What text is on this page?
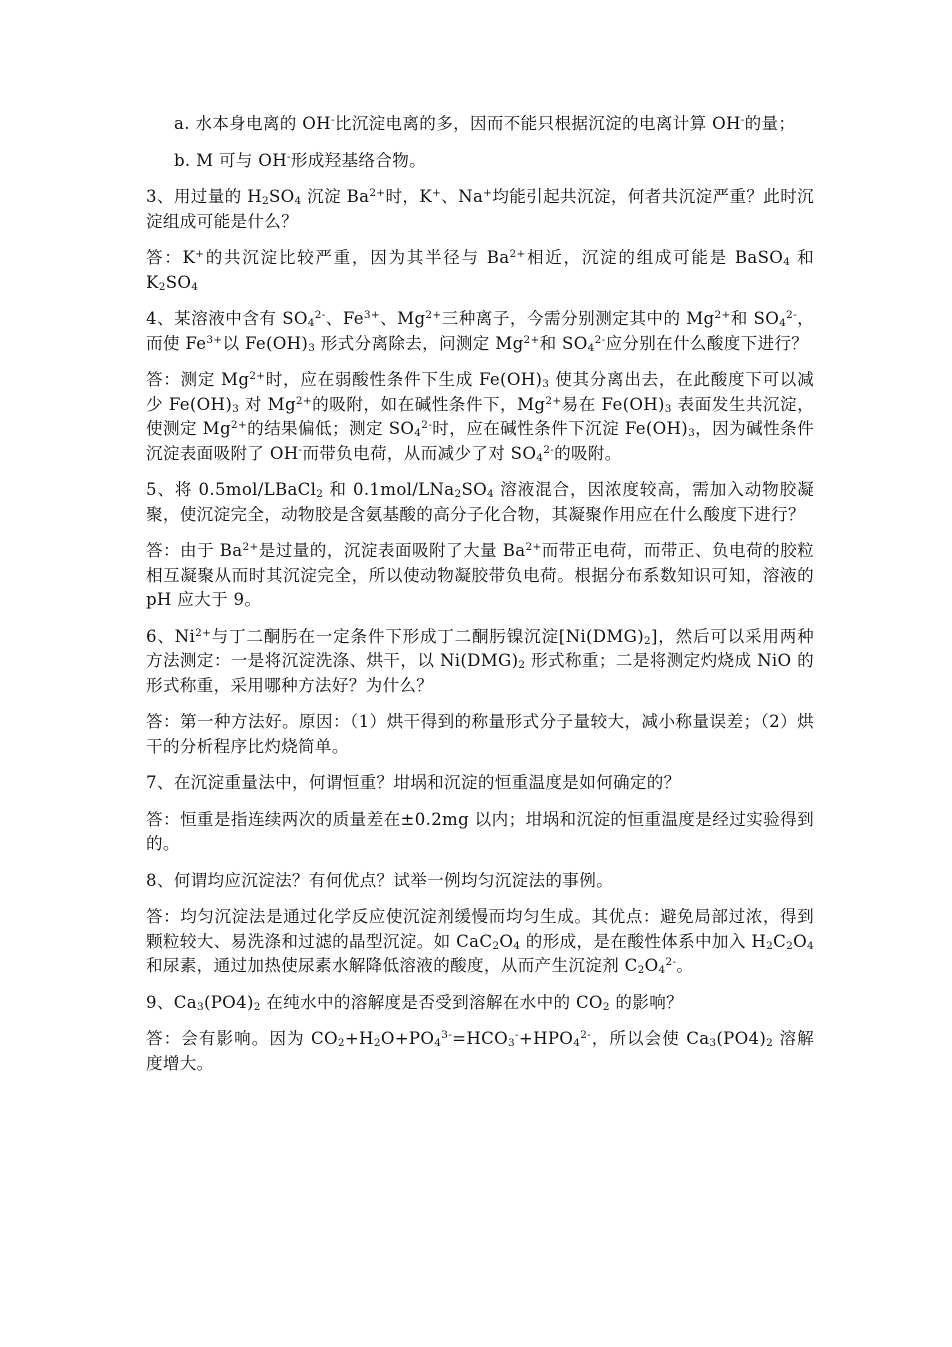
a. 水本身电离的 OH-比沉淀电离的多，因而不能只根据沉淀的电离计算 OH-的量；

b. M 可与 OH-形成羟基络合物。

3、用过量的 $H_2SO_4$ 沉淀 $Ba^{2+}$时，K+、Na+均能引起共沉淀，何者共沉淀严重？此时沉淀组成可能是什么？

答：K+的共沉淀比较严重，因为其半径与 $Ba^{2+}$相近，沉淀的组成可能是 BaSO$_4$ 和 $K_2SO_4$

4、某溶液中含有 $SO_4^{2-}$、$Fe^{3+}$、$Mg^{2+}$三种离子，今需分别测定其中的 $Mg^{2+}$和 $SO_4^{2-}$，而使 $Fe^{3+}$以 $Fe(OH)_3$ 形式分离除去，问测定 $Mg^{2+}$和 $SO_4^{2-}$应分别在什么酸度下进行？

答：测定 $Mg^{2+}$时，应在弱酸性条件下生成 $Fe(OH)_3$ 使其分离出去，在此酸度下可以减少 $Fe(OH)_3$ 对 $Mg^{2+}$的吸附，如在碱性条件下，$Mg^{2+}$易在 $Fe(OH)_3$ 表面发生共沉淀，使测定 $Mg^{2+}$的结果偏低；测定 $SO_4^{2-}$时，应在碱性条件下沉淀 $Fe(OH)_3$，因为碱性条件沉淀表面吸附了 OH-而带负电荷，从而减少了对 $SO_4^{2-}$的吸附。

5、将 0.5mol/LBaCl$_2$ 和 $0.1mol/LNa_2SO_4$ 溶液混合，因浓度较高，需加入动物胶凝聚，使沉淀完全，动物胶是含氨基酸的高分子化合物，其凝聚作用应在什么酸度下进行？

答：由于 $Ba^{2+}$是过量的，沉淀表面吸附了大量 $Ba^{2+}$而带正电荷，而带正、负电荷的胶粒相互凝聚从而时其沉淀完全，所以使动物凝胶带负电荷。根据分布系数知识可知，溶液的 pH 应大于 9。

6、$Ni^{2+}$与丁二酮肟在一定条件下形成丁二酮肟镍沉淀$[Ni(DMG)_2]$，然后可以采用两种方法测定：一是将沉淀洗涤、烘干，以 $Ni(DMG)_2$ 形式称重；二是将测定灼烧成 NiO 的形式称重，采用哪种方法好？为什么？

答：第一种方法好。原因：（1）烘干得到的称量形式分子量较大，减小称量误差；（2）烘干的分析程序比灼烧简单。

7、在沉淀重量法中，何谓恒重？坩埚和沉淀的恒重温度是如何确定的？

答：恒重是指连续两次的质量差在±0.2mg 以内；坩埚和沉淀的恒重温度是经过实验得到的。

8、何谓均应沉淀法？有何优点？试举一例均匀沉淀法的事例。

答：均匀沉淀法是通过化学反应使沉淀剂缓慢而均匀生成。其优点：避免局部过浓，得到颗粒较大、易洗涤和过滤的晶型沉淀。如 $CaC_2O_4$ 的形成，是在酸性体系中加入 $H_2C_2O_4$ 和尿素，通过加热使尿素水解降低溶液的酸度，从而产生沉淀剂 $C_2O_4^{2-}$。

9、$Ca_3(PO4)_2$ 在纯水中的溶解度是否受到溶解在水中的 $CO_2$ 的影响？

答：会有影响。因为 $CO_2+H_2O+PO_4^{3-}=HCO_3^-+HPO_4^{2-}$，所以会使 $Ca_3(PO4)_2$ 溶解度增大。
